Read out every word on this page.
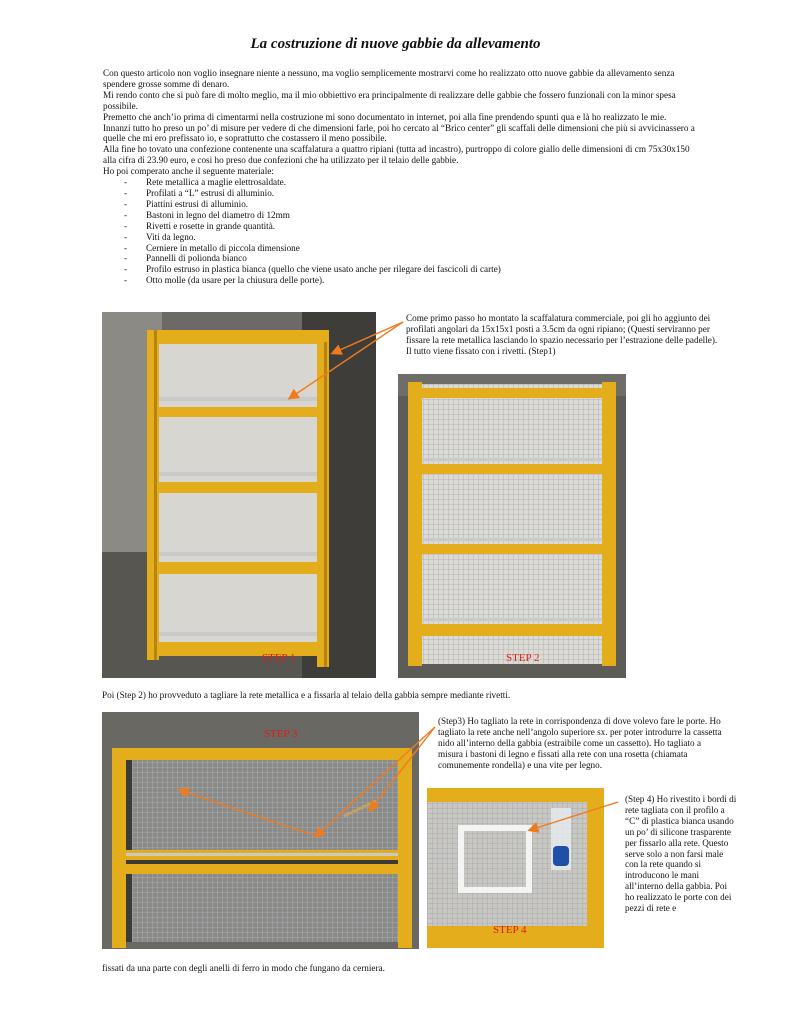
La costruzione di nuove gabbie da allevamento

Con questo articolo non voglio insegnare niente a nessuno, ma voglio semplicemente mostrarvi come ho realizzato otto nuove gabbie da allevamento senza spendere grosse somme di denaro.

Mi rendo conto che si può fare di molto meglio, ma il mio obbiettivo era principalmente di realizzare delle gabbie che fossero funzionali con la minor spesa possibile.

Premetto che anch’io prima di cimentarmi nella costruzione mi sono documentato in internet, poi alla fine prendendo spunti qua e là ho realizzato le mie.

Innanzi tutto ho preso un po’ di misure per vedere di che dimensioni farle, poi ho cercato al “Brico center” gli scaffali delle dimensioni che più si avvicinassero a quelle che mi ero prefissato io, e soprattutto che costassero il meno possibile.

Alla fine ho tovato una confezione contenente una scaffalatura a quattro ripiani (tutta ad incastro), purtroppo di colore giallo delle dimensioni di cm 75x30x150 alla cifra di 23.90 euro, e così ho preso due confezioni che ha utilizzato per il telaio delle gabbie.

Ho poi comperato anche il seguente materiale:

- Rete metallica a maglie elettrosaldate.
- Profilati a “L” estrusi di alluminio.
- Piattini estrusi di alluminio.
- Bastoni in legno del diametro di 12mm
- Rivetti e rosette in grande quantità.
- Viti da legno.
- Cerniere in metallo di piccola dimensione
- Pannelli di polionda bianco
- Profilo estruso in plastica bianca (quello che viene usato anche per rilegare dei fascicoli di carte)
- Otto molle (da usare per la chiusura delle porte).
STEP 1
Come primo passo ho montato la scaffalatura commerciale, poi gli ho aggiunto dei profilati angolari da 15x15x1 posti a 3.5cm da ogni ripiano; (Questi serviranno per fissare la rete metallica lasciando lo spazio necessario per l’estrazione delle padelle). Il tutto viene fissato con i rivetti. (Step1)
STEP 2
Poi (Step 2) ho provveduto a tagliare la rete metallica e a fissarla al telaio della gabbia sempre mediante rivetti.
STEP 3
(Step3) Ho tagliato la rete in corrispondenza di dove volevo fare le porte. Ho tagliato la rete anche nell’angolo superiore sx. per poter introdurre la cassetta nido all’interno della gabbia (estraibile come un cassetto). Ho tagliato a misura i bastoni di legno e fissati alla rete con una rosetta (chiamata comunemente rondella) e una vite per legno.
STEP 4
(Step 4) Ho rivestito i bordi di rete tagliata con il profilo a “C” di plastica bianca usando un po’ di silicone trasparente per fissarlo alla rete. Questo serve solo a non farsi male con la rete quando si introducono le mani all’interno della gabbia. Poi ho realizzato le porte con dei pezzi di rete e
fissati da una parte con degli anelli di ferro in modo che fungano da cerniera.
